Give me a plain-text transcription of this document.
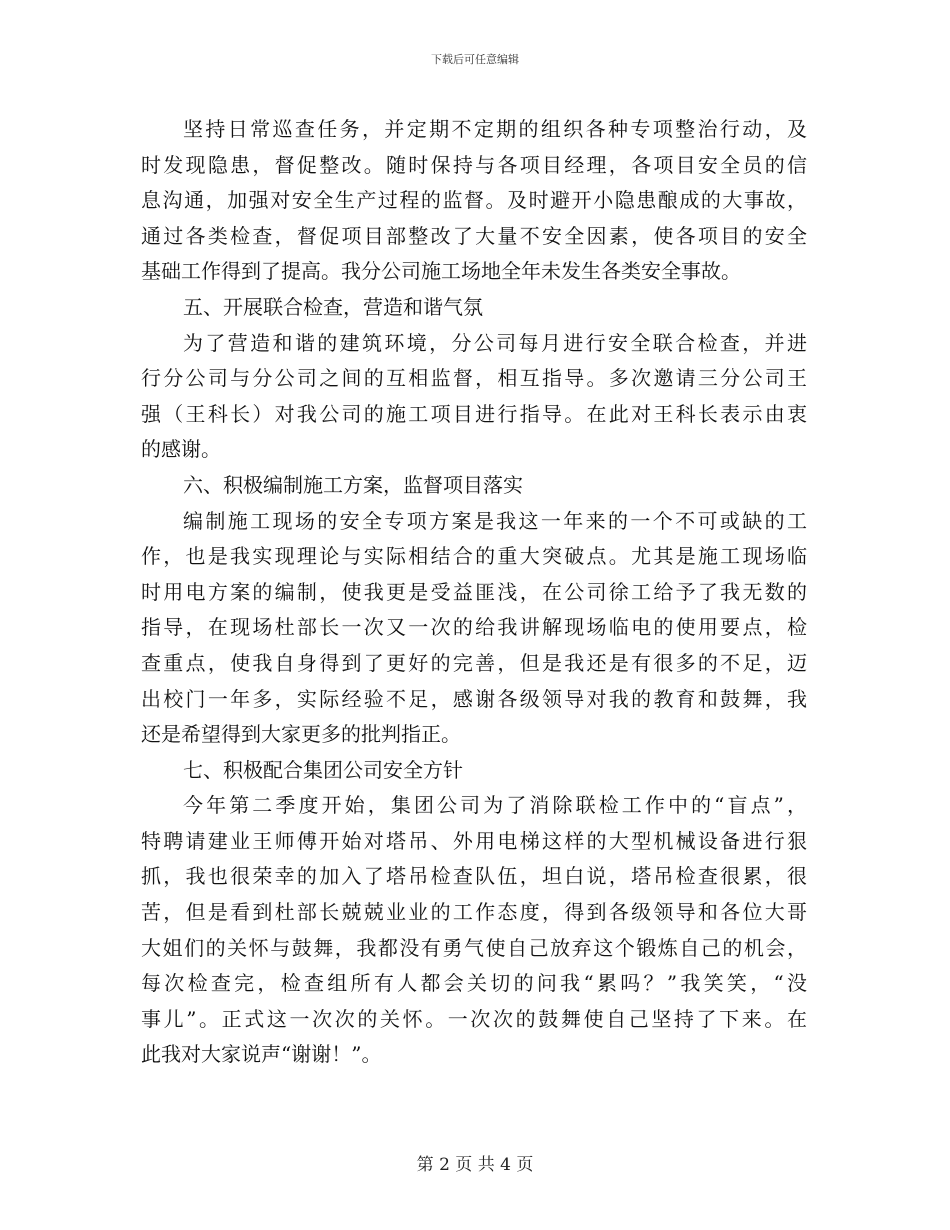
下载后可任意编辑
坚持日常巡查任务，并定期不定期的组织各种专项整治行动，及
时发现隐患，督促整改。随时保持与各项目经理，各项目安全员的信
息沟通，加强对安全生产过程的监督。及时避开小隐患酿成的大事故，
通过各类检查，督促项目部整改了大量不安全因素，使各项目的安全
基础工作得到了提高。我分公司施工场地全年未发生各类安全事故。
五、开展联合检查，营造和谐气氛
为了营造和谐的建筑环境，分公司每月进行安全联合检查，并进
行分公司与分公司之间的互相监督，相互指导。多次邀请三分公司王
强（王科长）对我公司的施工项目进行指导。在此对王科长表示由衷
的感谢。
六、积极编制施工方案，监督项目落实
编制施工现场的安全专项方案是我这一年来的一个不可或缺的工
作，也是我实现理论与实际相结合的重大突破点。尤其是施工现场临
时用电方案的编制，使我更是受益匪浅，在公司徐工给予了我无数的
指导，在现场杜部长一次又一次的给我讲解现场临电的使用要点，检
查重点，使我自身得到了更好的完善，但是我还是有很多的不足，迈
出校门一年多，实际经验不足，感谢各级领导对我的教育和鼓舞，我
还是希望得到大家更多的批判指正。
七、积极配合集团公司安全方针
今年第二季度开始，集团公司为了消除联检工作中的“盲点”，
特聘请建业王师傅开始对塔吊、外用电梯这样的大型机械设备进行狠
抓，我也很荣幸的加入了塔吊检查队伍，坦白说，塔吊检查很累，很
苦，但是看到杜部长兢兢业业的工作态度，得到各级领导和各位大哥
大姐们的关怀与鼓舞，我都没有勇气使自己放弃这个锻炼自己的机会，
每次检查完，检查组所有人都会关切的问我“累吗？”我笑笑，“没
事儿”。正式这一次次的关怀。一次次的鼓舞使自己坚持了下来。在
此我对大家说声“谢谢！”。
第 2 页 共 4 页
